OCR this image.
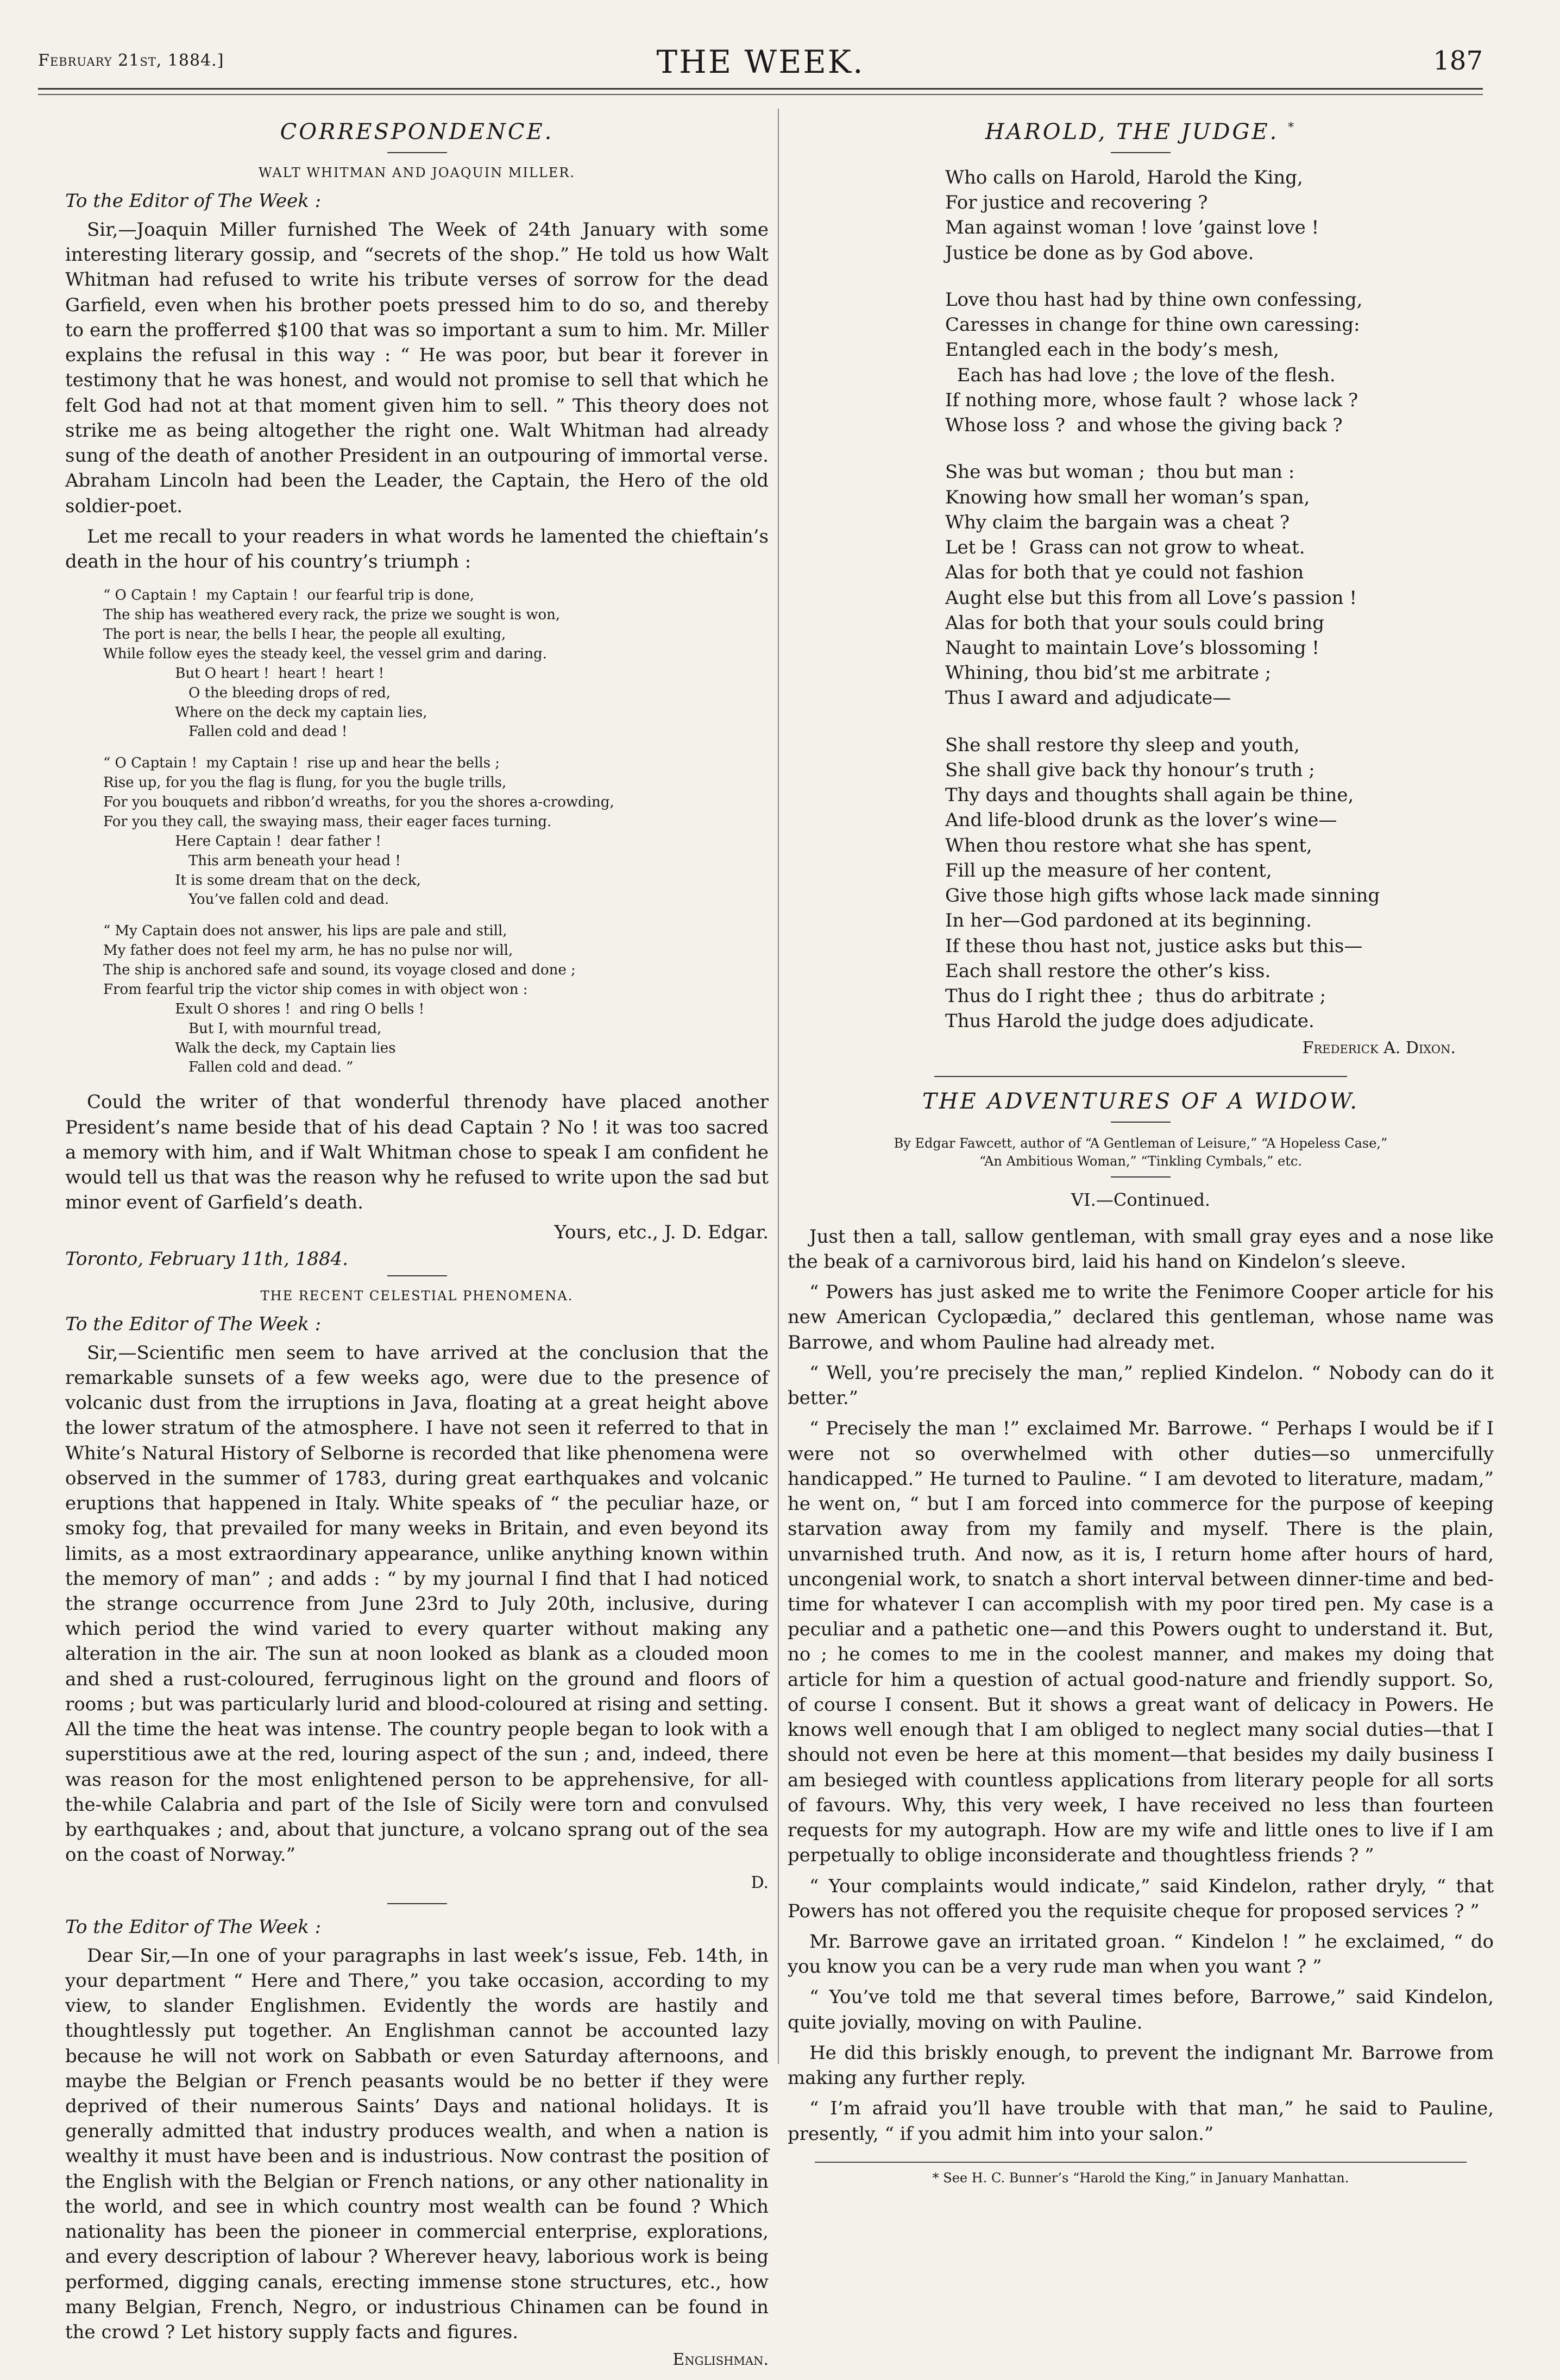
February 21st, 1884.]	THE WEEK.	187
CORRESPONDENCE.
WALT WHITMAN AND JOAQUIN MILLER.
To the Editor of The Week :

Sir,—Joaquin Miller furnished The Week of 24th January with some interesting literary gossip, and “secrets of the shop.” He told us how Walt Whitman had refused to write his tribute verses of sorrow for the dead Garfield, even when his brother poets pressed him to do so, and thereby to earn the profferred $100 that was so important a sum to him. Mr. Miller explains the refusal in this way : “ He was poor, but bear it forever in testimony that he was honest, and would not promise to sell that which he felt God had not at that moment given him to sell. ” This theory does not strike me as being altogether the right one. Walt Whitman had already sung of the death of another President in an outpouring of immortal verse. Abraham Lincoln had been the Leader, the Captain, the Hero of the old soldier-poet.

Let me recall to your readers in what words he lamented the chieftain’s death in the hour of his country’s triumph :

“ O Captain !  my Captain !  our fearful trip is done,
The ship has weathered every rack, the prize we sought is won,
The port is near, the bells I hear, the people all exulting,
While follow eyes the steady keel, the vessel grim and daring.
But O heart !  heart !  heart !
O the bleeding drops of red,
Where on the deck my captain lies,
Fallen cold and dead !
“ O Captain !  my Captain !  rise up and hear the bells ;
Rise up, for you the flag is flung, for you the bugle trills,
For you bouquets and ribbon’d wreaths, for you the shores a-crowding,
For you they call, the swaying mass, their eager faces turning.
Here Captain !  dear father !
This arm beneath your head !
It is some dream that on the deck,
You’ve fallen cold and dead.
“ My Captain does not answer, his lips are pale and still,
My father does not feel my arm, he has no pulse nor will,
The ship is anchored safe and sound, its voyage closed and done ;
From fearful trip the victor ship comes in with object won :
Exult O shores !  and ring O bells !
But I, with mournful tread,
Walk the deck, my Captain lies
Fallen cold and dead. ”

Could the writer of that wonderful threnody have placed another President’s name beside that of his dead Captain ? No ! it was too sacred a memory with him, and if Walt Whitman chose to speak I am confident he would tell us that was the reason why he refused to write upon the sad but minor event of Garfield’s death.

Yours, etc., J. D. Edgar.
Toronto, February 11th, 1884.
THE RECENT CELESTIAL PHENOMENA.
To the Editor of The Week :

Sir,—Scientific men seem to have arrived at the conclusion that the remarkable sunsets of a few weeks ago, were due to the presence of volcanic dust from the irruptions in Java, floating at a great height above the lower stratum of the atmosphere. I have not seen it referred to that in White’s Natural History of Selborne is recorded that like phenomena were observed in the summer of 1783, during great earthquakes and volcanic eruptions that happened in Italy. White speaks of “ the peculiar haze, or smoky fog, that prevailed for many weeks in Britain, and even beyond its limits, as a most extraordinary appearance, unlike anything known within the memory of man” ; and adds : “ by my journal I find that I had noticed the strange occurrence from June 23rd to July 20th, inclusive, during which period the wind varied to every quarter without making any alteration in the air. The sun at noon looked as blank as a clouded moon and shed a rust-coloured, ferruginous light on the ground and floors of rooms ; but was particularly lurid and blood-coloured at rising and setting. All the time the heat was intense. The country people began to look with a superstitious awe at the red, louring aspect of the sun ; and, indeed, there was reason for the most enlightened person to be apprehensive, for all-the-while Calabria and part of the Isle of Sicily were torn and convulsed by earthquakes ; and, about that juncture, a volcano sprang out of the sea on the coast of Norway.”

D.
To the Editor of The Week :

Dear Sir,—In one of your paragraphs in last week’s issue, Feb. 14th, in your department “ Here and There,” you take occasion, according to my view, to slander Englishmen. Evidently the words are hastily and thoughtlessly put together. An Englishman cannot be accounted lazy because he will not work on Sabbath or even Saturday afternoons, and maybe the Belgian or French peasants would be no better if they were deprived of their numerous Saints’ Days and national holidays. It is generally admitted that industry produces wealth, and when a nation is wealthy it must have been and is industrious. Now contrast the position of the English with the Belgian or French nations, or any other nationality in the world, and see in which country most wealth can be found ? Which nationality has been the pioneer in commercial enterprise, explorations, and every description of labour ? Wherever heavy, laborious work is being performed, digging canals, erecting immense stone structures, etc., how many Belgian, French, Negro, or industrious Chinamen can be found in the crowd ? Let history supply facts and figures.

Englishman.
HAROLD, THE JUDGE. *
Who calls on Harold, Harold the King,
For justice and recovering ?
Man against woman ! love ’gainst love !
Justice be done as by God above.
Love thou hast had by thine own confessing,
Caresses in change for thine own caressing:
Entangled each in the body’s mesh,
Each has had love ; the love of the flesh.
If nothing more, whose fault ?  whose lack ?
Whose loss ?  and whose the giving back ?
She was but woman ;  thou but man :
Knowing how small her woman’s span,
Why claim the bargain was a cheat ?
Let be !  Grass can not grow to wheat.
Alas for both that ye could not fashion
Aught else but this from all Love’s passion !
Alas for both that your souls could bring
Naught to maintain Love’s blossoming !
Whining, thou bid’st me arbitrate ;
Thus I award and adjudicate—
She shall restore thy sleep and youth,
She shall give back thy honour’s truth ;
Thy days and thoughts shall again be thine,
And life-blood drunk as the lover’s wine—
When thou restore what she has spent,
Fill up the measure of her content,
Give those high gifts whose lack made sinning
In her—God pardoned at its beginning.
If these thou hast not, justice asks but this—
Each shall restore the other’s kiss.
Thus do I right thee ;  thus do arbitrate ;
Thus Harold the judge does adjudicate.
Frederick A. Dixon.
THE ADVENTURES OF A WIDOW.
By Edgar Fawcett, author of “A Gentleman of Leisure,” “A Hopeless Case,”
“An Ambitious Woman,” “Tinkling Cymbals,” etc.
VI.—Continued.

Just then a tall, sallow gentleman, with small gray eyes and a nose like the beak of a carnivorous bird, laid his hand on Kindelon’s sleeve.

“ Powers has just asked me to write the Fenimore Cooper article for his new American Cyclopædia,” declared this gentleman, whose name was Barrowe, and whom Pauline had already met.

“ Well, you’re precisely the man,” replied Kindelon. “ Nobody can do it better.”

“ Precisely the man !” exclaimed Mr. Barrowe. “ Perhaps I would be if I were not so overwhelmed with other duties—so unmercifully handicapped.” He turned to Pauline. “ I am devoted to literature, madam,” he went on, “ but I am forced into commerce for the purpose of keeping starvation away from my family and myself. There is the plain, unvarnished truth. And now, as it is, I return home after hours of hard, uncongenial work, to snatch a short interval between dinner-time and bed-time for whatever I can accomplish with my poor tired pen. My case is a peculiar and a pathetic one—and this Powers ought to understand it. But, no ; he comes to me in the coolest manner, and makes my doing that article for him a question of actual good-nature and friendly support. So, of course I consent. But it shows a great want of delicacy in Powers. He knows well enough that I am obliged to neglect many social duties—that I should not even be here at this moment—that besides my daily business I am besieged with countless applications from literary people for all sorts of favours. Why, this very week, I have received no less than fourteen requests for my autograph. How are my wife and little ones to live if I am perpetually to oblige inconsiderate and thoughtless friends ? ”

“ Your complaints would indicate,” said Kindelon, rather dryly, “ that Powers has not offered you the requisite cheque for proposed services ? ”

Mr. Barrowe gave an irritated groan. “ Kindelon ! ” he exclaimed, “ do you know you can be a very rude man when you want ? ”

“ You’ve told me that several times before, Barrowe,” said Kindelon, quite jovially, moving on with Pauline.

He did this briskly enough, to prevent the indignant Mr. Barrowe from making any further reply.

“ I’m afraid you’ll have trouble with that man,” he said to Pauline, presently, “ if you admit him into your salon.”

* See H. C. Bunner’s “Harold the King,” in January Manhattan.
